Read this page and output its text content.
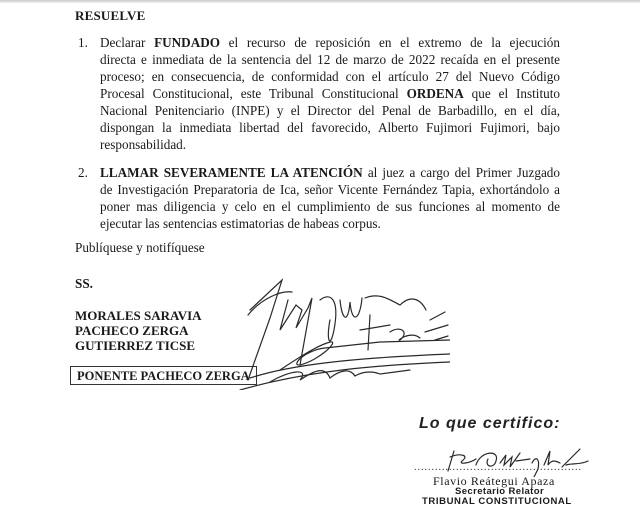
RESUELVE
1. Declarar FUNDADO el recurso de reposición en el extremo de la ejecución

directa e inmediata de la sentencia del 12 de marzo de 2022 recaída en el presente

proceso; en consecuencia, de conformidad con el artículo 27 del Nuevo Código

Procesal Constitucional, este Tribunal Constitucional ORDENA que el Instituto

Nacional Penitenciario (INPE) y el Director del Penal de Barbadillo, en el día,

dispongan la inmediata libertad del favorecido, Alberto Fujimori Fujimori, bajo

responsabilidad.

2. LLAMAR SEVERAMENTE LA ATENCIÓN al juez a cargo del Primer Juzgado

de Investigación Preparatoria de Ica, señor Vicente Fernández Tapia, exhortándolo a

poner mas diligencia y celo en el cumplimiento de sus funciones al momento de

ejecutar las sentencias estimatorias de habeas corpus.

Publíquese y notifíquese
SS.
MORALES SARAVIA
PACHECO ZERGA
GUTIERREZ TICSE
PONENTE PACHECO ZERGA
Lo que certifico:
................................................
Flavio Reátegui Apaza
Secretario Relator
TRIBUNAL CONSTITUCIONAL
